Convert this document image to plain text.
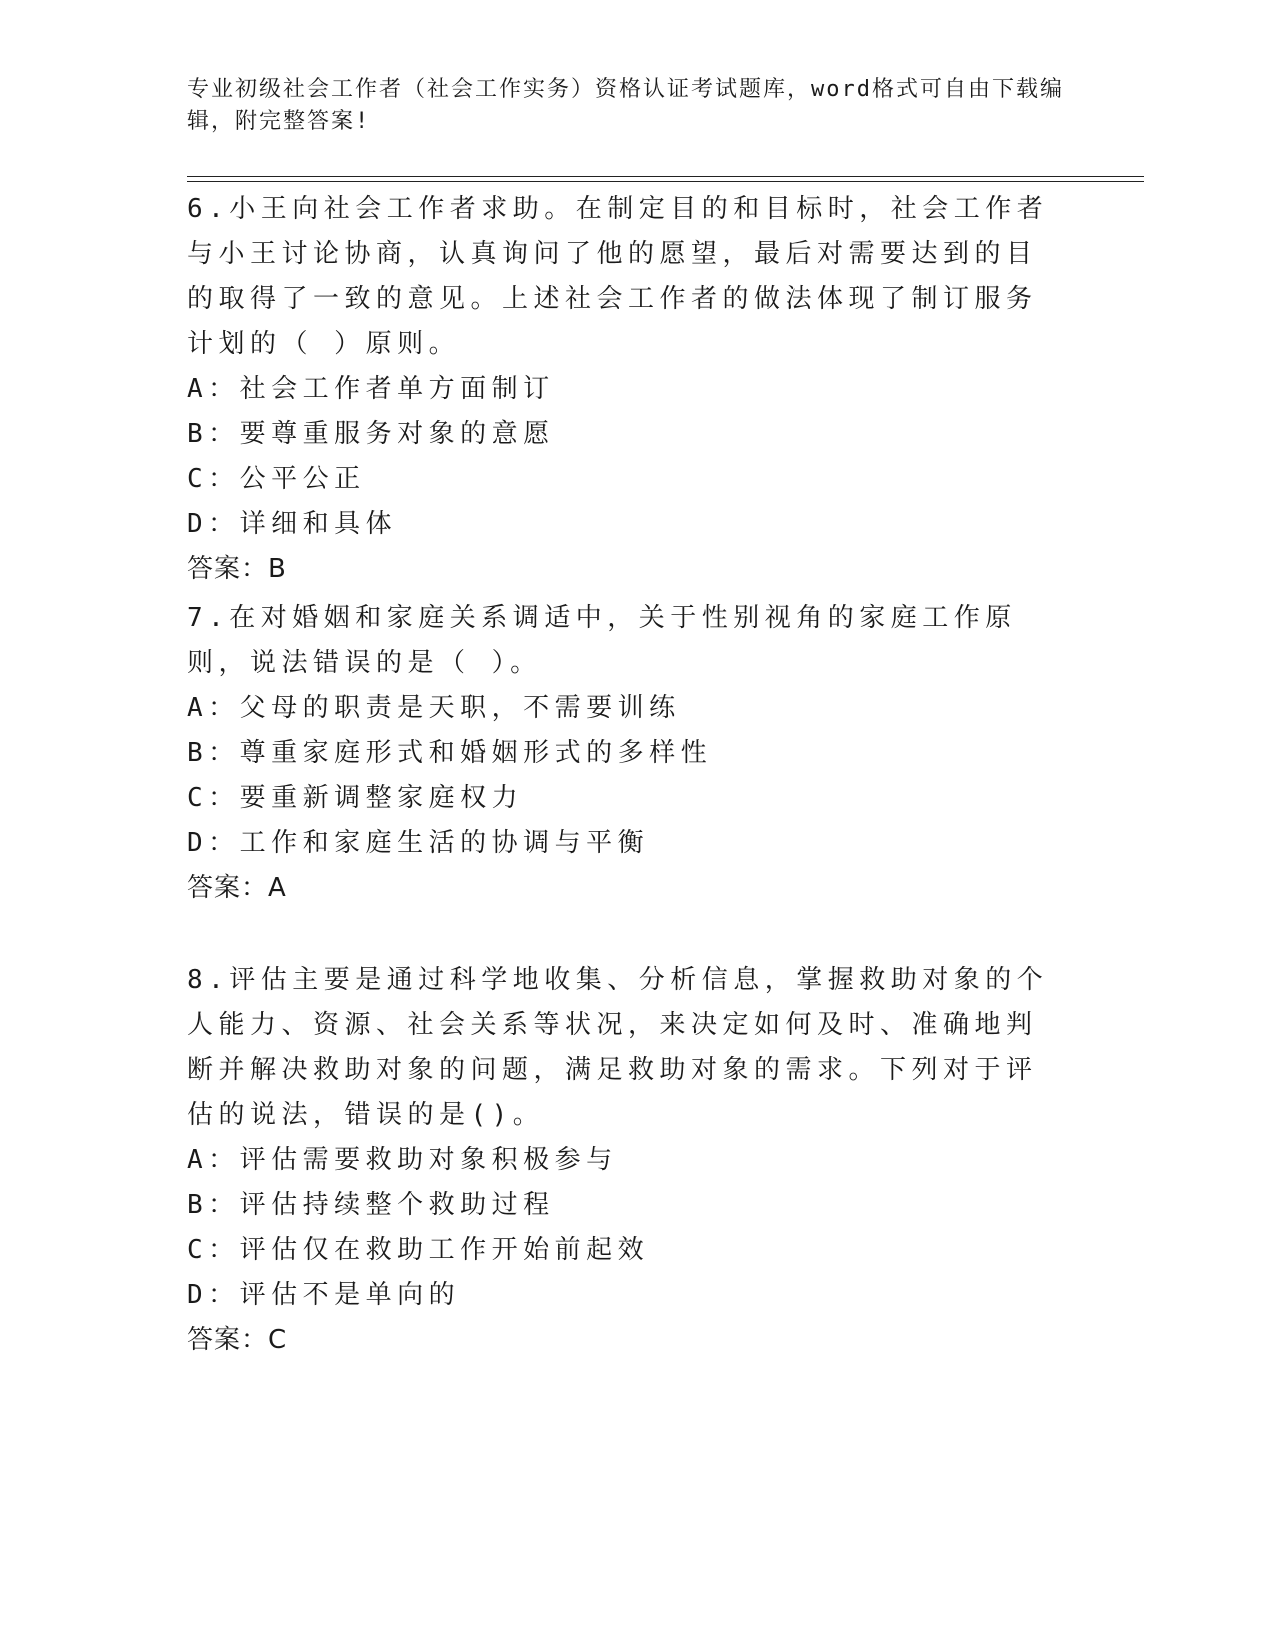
专业初级社会工作者（社会工作实务）资格认证考试题库，word格式可自由下载编辑，附完整答案!

6.小王向社会工作者求助。在制定目的和目标时，社会工作者与小王讨论协商，认真询问了他的愿望，最后对需要达到的目的取得了一致的意见。上述社会工作者的做法体现了制订服务计划的（ ）原则。

A：社会工作者单方面制订

B：要尊重服务对象的意愿

C：公平公正

D：详细和具体

答案：B

7.在对婚姻和家庭关系调适中，关于性别视角的家庭工作原则，说法错误的是（ ）。

A：父母的职责是天职，不需要训练

B：尊重家庭形式和婚姻形式的多样性

C：要重新调整家庭权力

D：工作和家庭生活的协调与平衡

答案：A

8.评估主要是通过科学地收集、分析信息，掌握救助对象的个人能力、资源、社会关系等状况，来决定如何及时、准确地判断并解决救助对象的问题，满足救助对象的需求。下列对于评估的说法，错误的是()。

A：评估需要救助对象积极参与

B：评估持续整个救助过程

C：评估仅在救助工作开始前起效

D：评估不是单向的

答案：C
